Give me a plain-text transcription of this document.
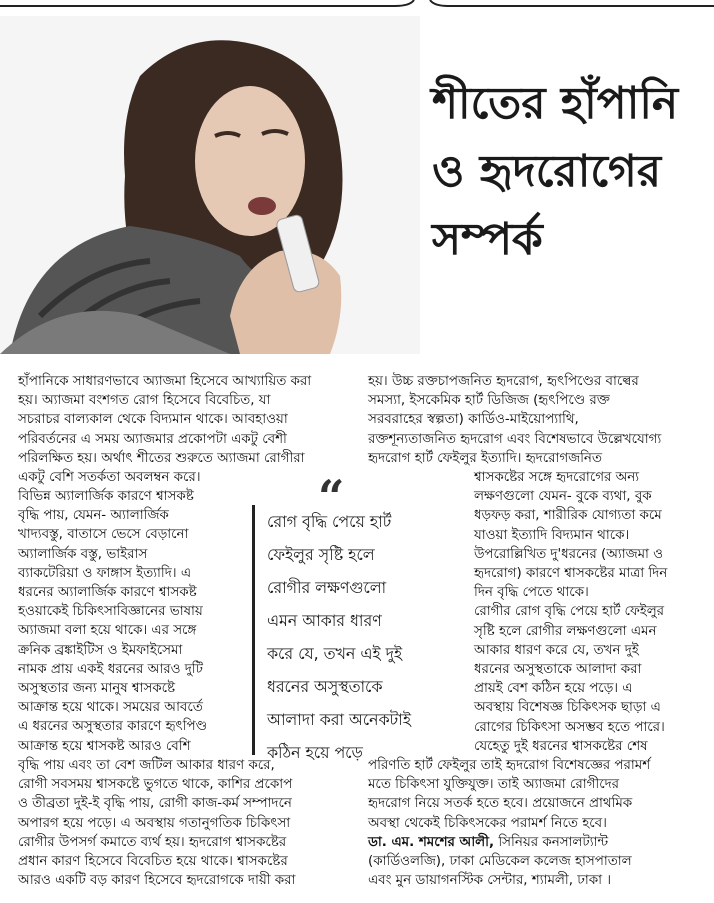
শীতের হাঁপানি
ও হৃদরোগের
সম্পর্ক
হাঁপানিকে সাধারণভাবে অ্যাজমা হিসেবে আখ্যায়িত করা
হয়। অ্যাজমা বংশগত রোগ হিসেবে বিবেচিত, যা
সচরাচর বাল্যকাল থেকে বিদ্যমান থাকে। আবহাওয়া
পরিবর্তনের এ সময় অ্যাজমার প্রকোপটা একটু বেশী
পরিলক্ষিত হয়। অর্থাৎ শীতের শুরুতে অ্যাজমা রোগীরা
একটু বেশি সতর্কতা অবলম্বন করে।
বিভিন্ন অ্যালার্জিক কারণে শ্বাসকষ্ট
বৃদ্ধি পায়, যেমন- অ্যালার্জিক
খাদ্যবস্তু, বাতাসে ভেসে বেড়ানো
অ্যালার্জিক বস্তু, ভাইরাস
ব্যাকটেরিয়া ও ফাঙ্গাস ইত্যাদি। এ
ধরনের অ্যালার্জিক কারণে শ্বাসকষ্ট
হওয়াকেই চিকিৎসাবিজ্ঞানের ভাষায়
অ্যাজমা বলা হয়ে থাকে। এর সঙ্গে
ক্রনিক ব্রঙ্কাইটিস ও ইমফাইসেমা
নামক প্রায় একই ধরনের আরও দুটি
অসুস্থতার জন্য মানুষ শ্বাসকষ্টে
আক্রান্ত হয়ে থাকে। সময়ের আবর্তে
এ ধরনের অসুস্থতার কারণে হৃৎপিণ্ড
আক্রান্ত হয়ে শ্বাসকষ্ট আরও বেশি
বৃদ্ধি পায় এবং তা বেশ জটিল আকার ধারণ করে,
রোগী সবসময় শ্বাসকষ্টে ভুগতে থাকে, কাশির প্রকোপ
ও তীব্রতা দুই-ই বৃদ্ধি পায়, রোগী কাজ-কর্ম সম্পাদনে
অপারগ হয়ে পড়ে। এ অবস্থায় গতানুগতিক চিকিৎসা
রোগীর উপসর্গ কমাতে ব্যর্থ হয়। হৃদরোগ শ্বাসকষ্টের
প্রধান কারণ হিসেবে বিবেচিত হয়ে থাকে। শ্বাসকষ্টের
আরও একটি বড় কারণ হিসেবে হৃদরোগকে দায়ী করা
“
রোগ বৃদ্ধি পেয়ে হার্ট
ফেইলুর সৃষ্টি হলে
রোগীর লক্ষণগুলো
এমন আকার ধারণ
করে যে, তখন এই দুই
ধরনের অসুস্থতাকে
আলাদা করা অনেকটাই
কঠিন হয়ে পড়ে
হয়। উচ্চ রক্তচাপজনিত হৃদরোগ, হৃৎপিণ্ডের বাল্বের
সমস্যা, ইসকেমিক হার্ট ডিজিজ (হৃৎপিণ্ডে রক্ত
সরবরাহের স্বল্পতা) কার্ডিও-মাইয়োপ্যাথি,
রক্তশূন্যতাজনিত হৃদরোগ এবং বিশেষভাবে উল্লেখযোগ্য
হৃদরোগ হার্ট ফেইলুর ইত্যাদি। হৃদরোগজনিত
শ্বাসকষ্টের সঙ্গে হৃদরোগের অন্য
লক্ষণগুলো যেমন- বুকে ব্যথা, বুক
ধড়ফড় করা, শারীরিক যোগ্যতা কমে
যাওয়া ইত্যাদি বিদ্যমান থাকে।
উপরোল্লিখিত দু'ধরনের (অ্যাজমা ও
হৃদরোগ) কারণে শ্বাসকষ্টের মাত্রা দিন
দিন বৃদ্ধি পেতে থাকে।
রোগীর রোগ বৃদ্ধি পেয়ে হার্ট ফেইলুর
সৃষ্টি হলে রোগীর লক্ষণগুলো এমন
আকার ধারণ করে যে, তখন দুই
ধরনের অসুস্থতাকে আলাদা করা
প্রায়ই বেশ কঠিন হয়ে পড়ে। এ
অবস্থায় বিশেষজ্ঞ চিকিৎসক ছাড়া এ
রোগের চিকিৎসা অসম্ভব হতে পারে।
যেহেতু দুই ধরনের শ্বাসকষ্টের শেষ
পরিণতি হার্ট ফেইলুর তাই হৃদরোগ বিশেষজ্ঞের পরামর্শ
মতে চিকিৎসা যুক্তিযুক্ত। তাই অ্যাজমা রোগীদের
হৃদরোগ নিয়ে সতর্ক হতে হবে। প্রয়োজনে প্রাথমিক
অবস্থা থেকেই চিকিৎসকের পরামর্শ নিতে হবে।
ডা. এম. শমশের আলী, সিনিয়র কনসালট্যান্ট
(কার্ডিওলজি), ঢাকা মেডিকেল কলেজ হাসপাতাল
এবং মুন ডায়াগনস্টিক সেন্টার, শ্যামলী, ঢাকা ।
